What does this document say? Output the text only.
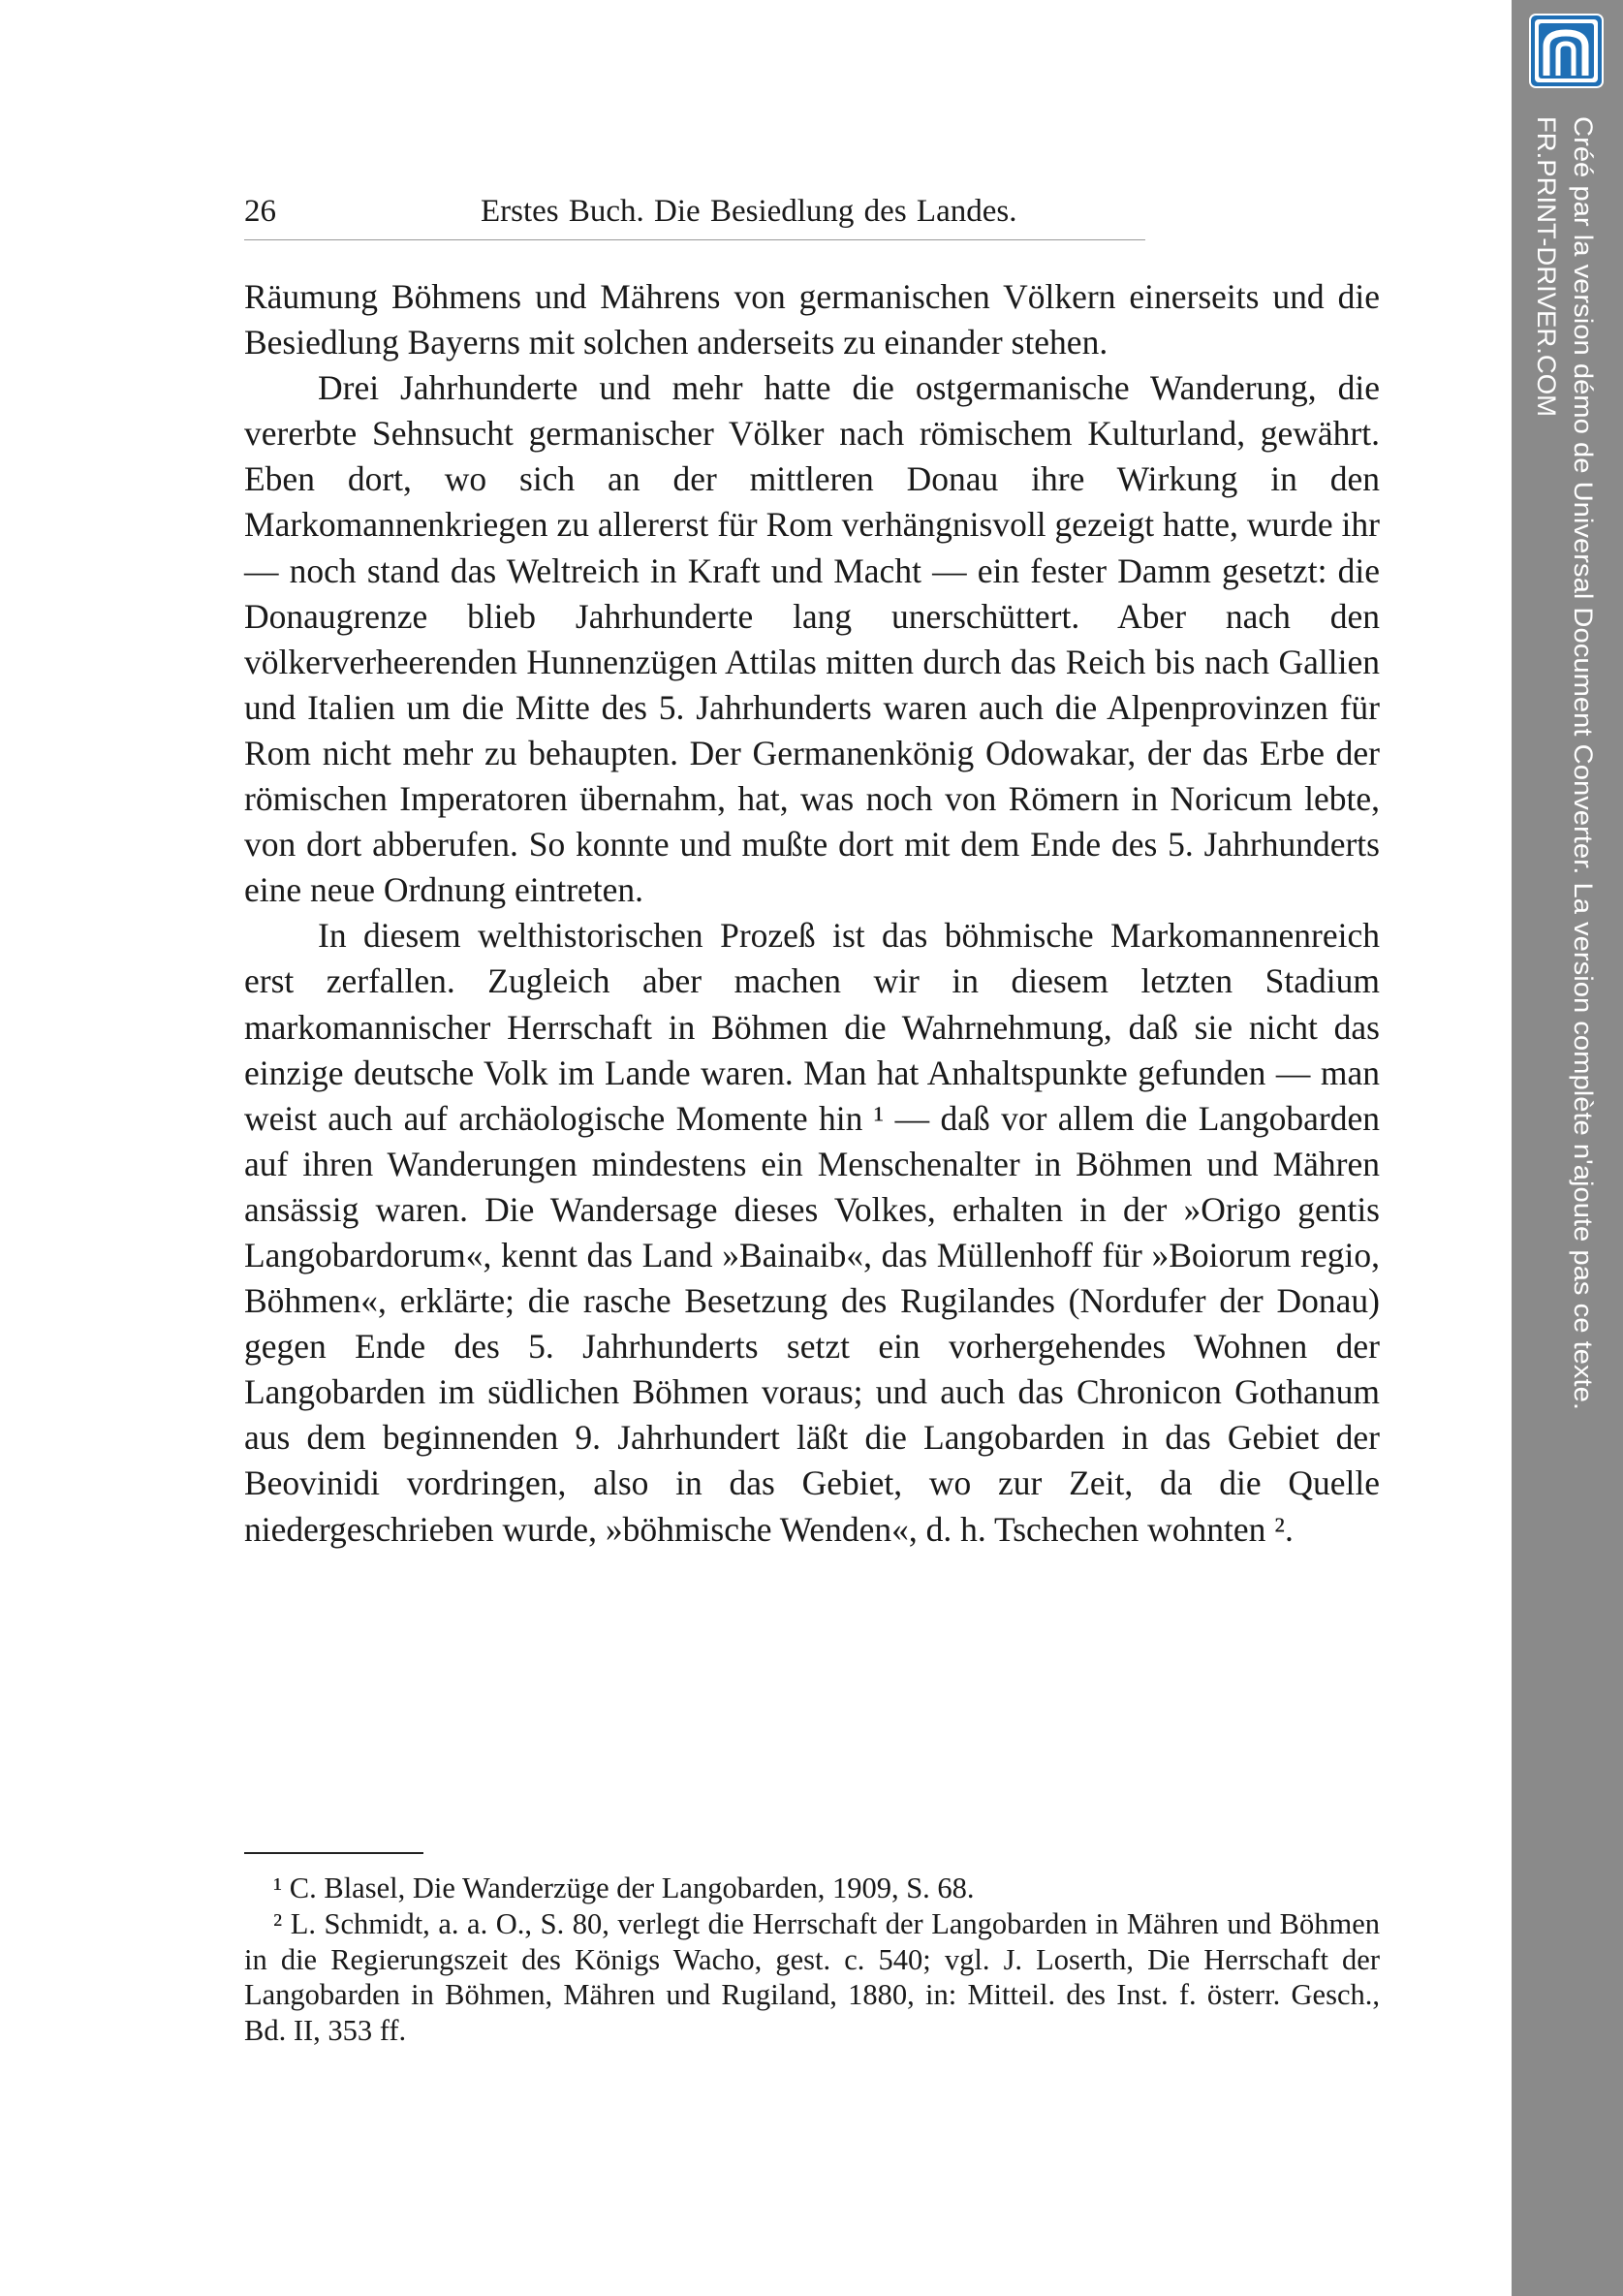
26	Erstes Buch. Die Besiedlung des Landes.

Räumung Böhmens und Mährens von germanischen Völkern einerseits und die Besiedlung Bayerns mit solchen anderseits zu einander stehen.

Drei Jahrhunderte und mehr hatte die ostgermanische Wanderung, die vererbte Sehnsucht germanischer Völker nach römischem Kulturland, gewährt. Eben dort, wo sich an der mittleren Donau ihre Wirkung in den Markomannenkriegen zu allererst für Rom verhängnisvoll gezeigt hatte, wurde ihr — noch stand das Weltreich in Kraft und Macht — ein fester Damm gesetzt: die Donaugrenze blieb Jahrhunderte lang unerschüttert. Aber nach den völkerverheerenden Hunnenzügen Attilas mitten durch das Reich bis nach Gallien und Italien um die Mitte des 5. Jahrhunderts waren auch die Alpenprovinzen für Rom nicht mehr zu behaupten. Der Germanenkönig Odowakar, der das Erbe der römischen Imperatoren übernahm, hat, was noch von Römern in Noricum lebte, von dort abberufen. So konnte und mußte dort mit dem Ende des 5. Jahrhunderts eine neue Ordnung eintreten.

In diesem welthistorischen Prozeß ist das böhmische Markomannenreich erst zerfallen. Zugleich aber machen wir in diesem letzten Stadium markomannischer Herrschaft in Böhmen die Wahrnehmung, daß sie nicht das einzige deutsche Volk im Lande waren. Man hat Anhaltspunkte gefunden — man weist auch auf archäologische Momente hin ¹ — daß vor allem die Langobarden auf ihren Wanderungen mindestens ein Menschenalter in Böhmen und Mähren ansässig waren. Die Wandersage dieses Volkes, erhalten in der »Origo gentis Langobardorum«, kennt das Land »Bainaib«, das Müllenhoff für »Boiorum regio, Böhmen«, erklärte; die rasche Besetzung des Rugilandes (Nordufer der Donau) gegen Ende des 5. Jahrhunderts setzt ein vorhergehendes Wohnen der Langobarden im südlichen Böhmen voraus; und auch das Chronicon Gothanum aus dem beginnenden 9. Jahrhundert läßt die Langobarden in das Gebiet der Beovinidi vordringen, also in das Gebiet, wo zur Zeit, da die Quelle niedergeschrieben wurde, »böhmische Wenden«, d. h. Tschechen wohnten ².

¹ C. Blasel, Die Wanderzüge der Langobarden, 1909, S. 68.

² L. Schmidt, a. a. O., S. 80, verlegt die Herrschaft der Langobarden in Mähren und Böhmen in die Regierungszeit des Königs Wacho, gest. c. 540; vgl. J. Loserth, Die Herrschaft der Langobarden in Böhmen, Mähren und Rugiland, 1880, in: Mitteil. des Inst. f. österr. Gesch., Bd. II, 353 ff.

Créé par la version démo de Universal Document Converter. La version complète n'ajoute pas ce texte.
FR.PRINT-DRIVER.COM
